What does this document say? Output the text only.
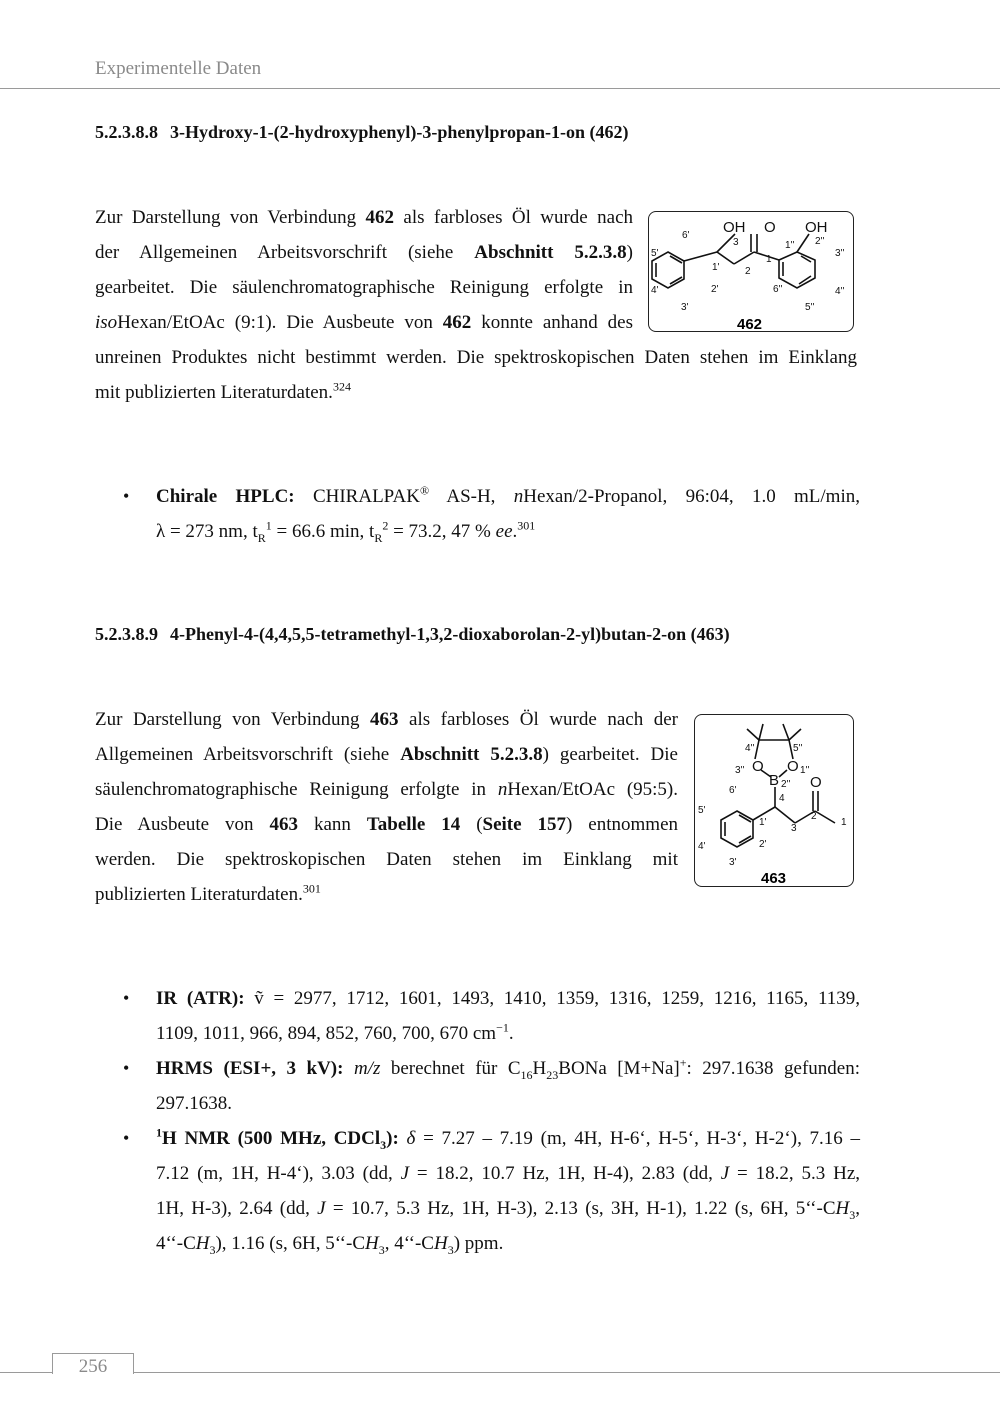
Experimentelle Daten
5.2.3.8.8 3-Hydroxy-1-(2-hydroxyphenyl)-3-phenylpropan-1-on (462)
Zur Darstellung von Verbindung 462 als farbloses Öl wurde nach
der Allgemeinen Arbeitsvorschrift (siehe Abschnitt 5.2.3.8)
gearbeitet. Die säulenchromatographische Reinigung erfolgte in
isoHexan/EtOAc (9:1). Die Ausbeute von 462 konnte anhand des
unreinen Produktes nicht bestimmt werden. Die spektroskopischen Daten stehen im Einklang
mit publizierten Literaturdaten.$^{324}$
OH O OH
6'
3
1
2
1'
2'
3'
4'
5'
1'' 2''
3''
4''
5''
6''
462
• Chirale HPLC: CHIRALPAK® AS-H, nHexan/2-Propanol, 96:04, 1.0 mL/min,
λ = 273 nm, $t_R^1 = 66.6$ min, $t_R^2 = 73.2$, 47 % ee.$^{301}$
5.2.3.8.9 4-Phenyl-4-(4,4,5,5-tetramethyl-1,3,2-dioxaborolan-2-yl)butan-2-on (463)
Zur Darstellung von Verbindung 463 als farbloses Öl wurde nach der
Allgemeinen Arbeitsvorschrift (siehe Abschnitt 5.2.3.8) gearbeitet. Die
säulenchromatographische Reinigung erfolgte in nHexan/EtOAc (95:5).
Die Ausbeute von 463 kann Tabelle 14 (Seite 157) entnommen
werden. Die spektroskopischen Daten stehen im Einklang mit
publizierten Literaturdaten.$^{301}$
O O
B O
4''	5''
3''	1''
2''
4
3
2
1
1'
2'
3'
4'
5'
6'
463
• IR (ATR): ṽ = 2977, 1712, 1601, 1493, 1410, 1359, 1316, 1259, 1216, 1165, 1139,
1109, 1011, 966, 894, 852, 760, 700, 670 $cm^{-1}$.
• HRMS (ESI+, 3 kV): m/z berechnet für $C_{16}H_{23}BONa$ [M+Na]+: 297.1638 gefunden:
297.1638.
• $^1$H NMR (500 MHz, CDCl$_3$): δ = 7.27 – 7.19 (m, 4H, H-6‘, H-5‘, H-3‘, H-2‘), 7.16 –
7.12 (m, 1H, H-4‘), 3.03 (dd, J = 18.2, 10.7 Hz, 1H, H-4), 2.83 (dd, J = 18.2, 5.3 Hz,
1H, H-3), 2.64 (dd, J = 10.7, 5.3 Hz, 1H, H-3), 2.13 (s, 3H, H-1), 1.22 (s, 6H, $5‘‘-CH_3$,
$4‘‘-CH_3$), 1.16 (s, 6H, $5‘‘-CH_3$, $4‘‘-CH_3$) ppm.
256
